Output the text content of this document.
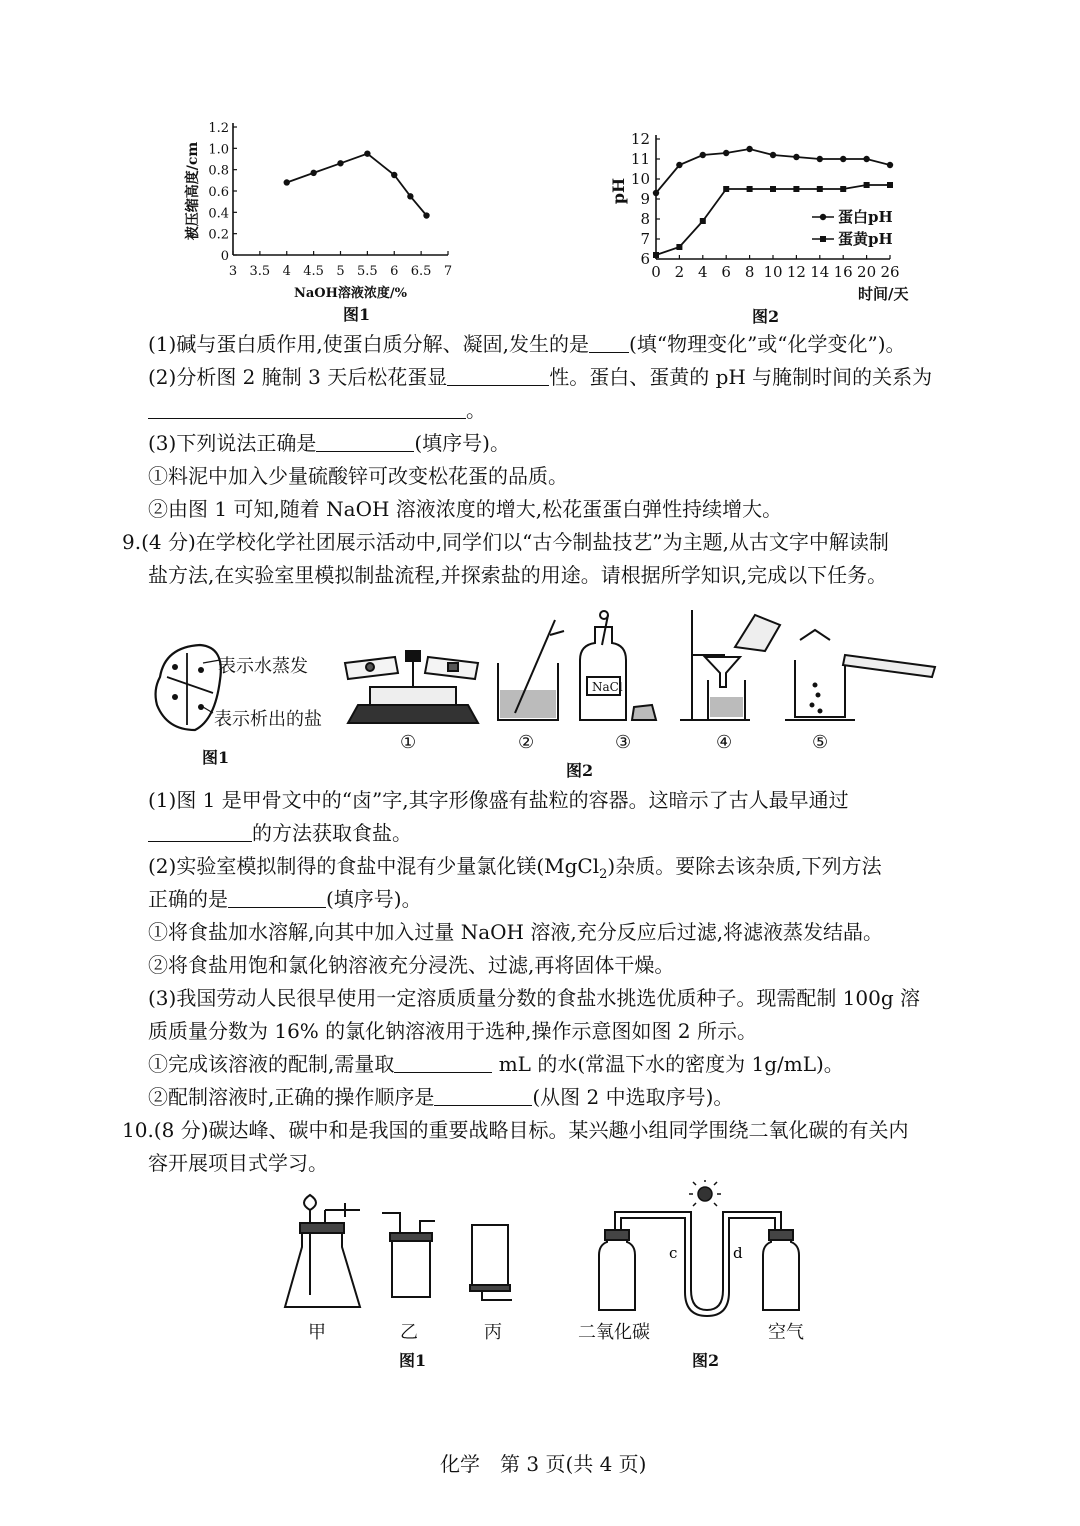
0
0.2
0.4
0.6
0.8
1.0
1.2
3 3.5 4 4.5 5 5.5 6 6.5 7
NaOH溶液浓度/%
被压缩高度/cm
图1
6
7
8
9
10
11
12
0 2 4 6 8 10 12 14 16 20 26
蛋白pH
蛋黄pH
时间/天
pH
图2
(1)碱与蛋白质作用,使蛋白质分解、凝固,发生的是 (填“物理变化”或“化学变化”)。
(2)分析图 2 腌制 3 天后松花蛋显	性。蛋白、蛋黄的 pH 与腌制时间的关系为
。
(3)下列说法正确是	(填序号)。
①料泥中加入少量硫酸锌可改变松花蛋的品质。
②由图 1 可知,随着 NaOH 溶液浓度的增大,松花蛋蛋白弹性持续增大。
9.(4 分)在学校化学社团展示活动中,同学们以“古今制盐技艺”为主题,从古文字中解读制
盐方法,在实验室里模拟制盐流程,并探索盐的用途。请根据所学知识,完成以下任务。
表示水蒸发
表示析出的盐
图1
NaCl
①	②	③	④	⑤
图2
(1)图 1 是甲骨文中的“卤”字,其字形像盛有盐粒的容器。这暗示了古人最早通过
的方法获取食盐。
(2)实验室模拟制得的食盐中混有少量氯化镁(MgCl$_2$)杂质。要除去该杂质,下列方法
正确的是	(填序号)。
①将食盐加水溶解,向其中加入过量 NaOH 溶液,充分反应后过滤,将滤液蒸发结晶。
②将食盐用饱和氯化钠溶液充分浸洗、过滤,再将固体干燥。
(3)我国劳动人民很早使用一定溶质质量分数的食盐水挑选优质种子。现需配制 100g 溶
质质量分数为 16% 的氯化钠溶液用于选种,操作示意图如图 2 所示。
①完成该溶液的配制,需量取	mL 的水(常温下水的密度为 1g/mL)。
②配制溶液时,正确的操作顺序是	(从图 2 中选取序号)。
10.(8 分)碳达峰、碳中和是我国的重要战略目标。某兴趣小组同学围绕二氧化碳的有关内
容开展项目式学习。
甲	乙	丙
图1
c	d
二氧化碳	空气
图2
化学　第 3 页(共 4 页)
